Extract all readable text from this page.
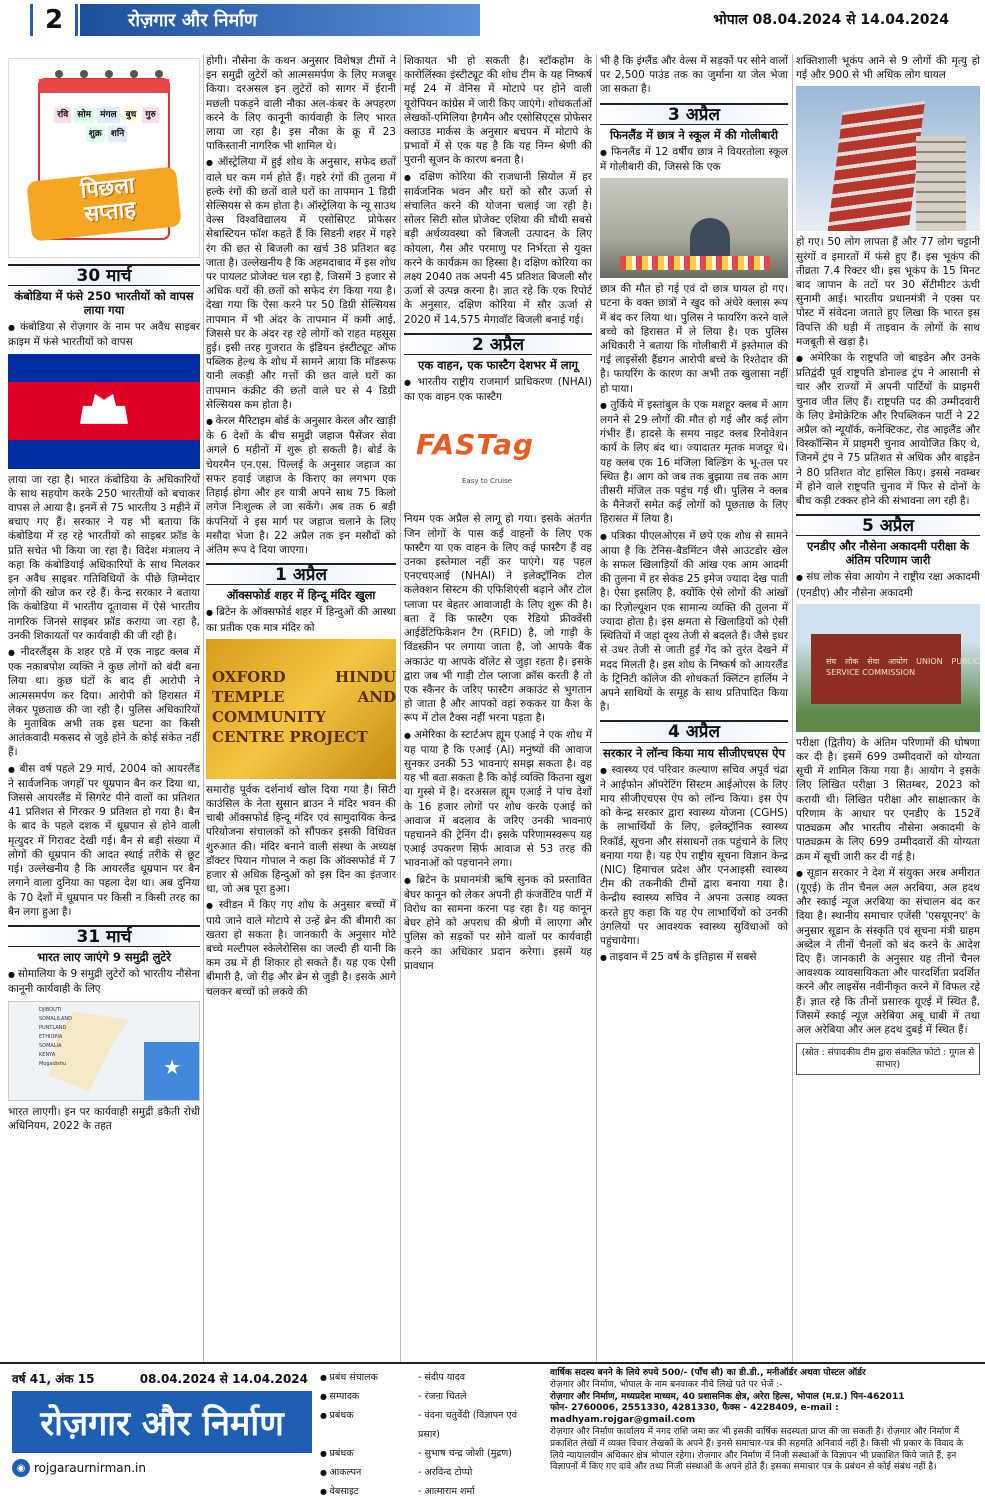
2	रोज़गार और निर्माण	भोपाल 08.04.2024 से 14.04.2024
रवि	सोम	मंगल	बुध	गुरु
शुक्र	शनि
पिछला
सप्ताह
30 मार्च
कंबोडिया में फंसे 250 भारतीयों को वापस लाया गया

● कंबोडिया से रोज़गार के नाम पर अवैध साइबर क्राइम में फंसे भारतीयों को वापस

लाया जा रहा है। भारत कंबोडिया के अधिकारियों के साथ सहयोग करके 250 भारतीयों को बचाकर वापस ले आया है। इनमें से 75 भारतीय 3 महीने में बचाए गए हैं। सरकार ने यह भी बताया कि कंबोडिया में रह रहे भारतीयों को साइबर फ्रॉड के प्रति सचेत भी किया जा रहा है। विदेश मंत्रालय ने कहा कि कंबोडियाई अधिकारियों के साथ मिलकर इन अवैध साइबर गतिविधियों के पीछे ज़िम्मेदार लोगों की खोज कर रहे हैं। केन्द्र सरकार ने बताया कि कंबोडिया में भारतीय दूतावास में ऐसे भारतीय नागरिक जिनसे साइबर फ्रॉड कराया जा रहा है, उनकी शिकायतों पर कार्यवाही की जी रही है।

● नीदरलैंड्स के शहर एडे में एक नाइट क्लब में एक नकाबपोश व्यक्ति ने कुछ लोगों को बंदी बना लिया था। कुछ घंटों के बाद ही आरोपी ने आत्मसमर्पण कर दिया। आरोपी को हिरासत में लेकर पूछताछ की जा रही है। पुलिस अधिकारियों के मुताबिक अभी तक इस घटना का किसी आतंकवादी मकसद से जुड़े होने के कोई संकेत नहीं हैं।

● बीस वर्ष पहले 29 मार्च, 2004 को आयरलैंड ने सार्वजनिक जगहों पर धूम्रपान बैन कर दिया था, जिससे आयरलैंड में सिगरेट पीने वालों का प्रतिशत 41 प्रतिशत से गिरकर 9 प्रतिशत हो गया है। बैन के बाद के पहले दशक में धूम्रपान से होने वाली मृत्युदर में गिरावट देखी गई। बैन से बड़ी संख्या में लोगों की धूम्रपान की आदत स्थाई तरीके से छूट गई। उल्लेखनीय है कि आयरलैंड धूम्रपान पर बैन लगाने वाला दुनिया का पहला देश था। अब दुनिया के 70 देशों में धूम्रपान पर किसी न किसी तरह का बैन लगा हुआ है।

31 मार्च
भारत लाए जाएंगे 9 समुद्री लुटेरे

● सोमालिया के 9 समुद्री लुटेरों को भारतीय नौसेना कानूनी कार्यवाही के लिए

DJIBOUTI
SOMALILAND
PUNTLAND
ETHIOPIA
SOMALIA
KENYA
Mogadishu	★

भारत लाएगी। इन पर कार्यवाही समुद्री डकैती रोधी अधिनियम, 2022 के तहत

होगी। नौसेना के कथन अनुसार विशेषज्ञ टीमों ने इन समुद्री लुटेरों को आत्मसमर्पण के लिए मजबूर किया। दरअसल इन लुटेरों को सागर में ईरानी मछली पकड़ने वाली नौका अल-कंबर के अपहरण करने के लिए कानूनी कार्यवाही के लिए भारत लाया जा रहा है। इस नौका के क्रू में 23 पाकिस्तानी नागरिक भी शामिल थे।

● ऑस्ट्रेलिया में हुई शोध के अनुसार, सफेद छतों वाले घर कम गर्म होते हैं। गहरे रंगों की तुलना में हल्के रंगों की छतों वाले घरों का तापमान 1 डिग्री सेल्सियस से कम होता है। ऑस्ट्रेलिया के न्यू साउथ वेल्स विश्वविद्यालय में एसोसिएट प्रोफेसर सेबास्टियन फॉश कहते हैं कि सिडनी शहर में गहरे रंग की छत से बिजली का खर्च 38 प्रतिशत बढ़ जाता है। उल्लेखनीय है कि अहमदाबाद में इस शोध पर पायलट प्रोजेक्ट चल रहा है, जिसमें 3 हजार से अधिक घरों की छतों को सफेद रंग किया गया है। देखा गया कि ऐसा करने पर 50 डिग्री सेल्सियस तापमान में भी अंदर के तापमान में कमी आई, जिससे घर के अंदर रह रहे लोगों को राहत महसूस हुई। इसी तरह गुजरात के इंडियन इंस्टीट्यूट ऑफ पब्लिक हेल्थ के शोध में सामने आया कि मॉडरूफ यानी लकड़ी और गत्तों की छत वाले घरों का तापमान कंक्रीट की छतों वाले घर से 4 डिग्री सेल्सियस कम होता है।

● केरल मैरिटाइम बोर्ड के अनुसार केरल और खाड़ी के 6 देशों के बीच समुद्री जहाज पैसेंजर सेवा अगले 6 महीनों में शुरू हो सकती है। बोर्ड के चेयरमैन एन.एस. पिल्लई के अनुसार जहाज का सफर हवाई जहाज के किराए का लगभग एक तिहाई होगा और हर यात्री अपने साथ 75 किलो लगेज निःशुल्क ले जा सकेंगे। अब तक 6 बड़ी कंपनियों ने इस मार्ग पर जहाज चलाने के लिए मसौदा भेजा है। 22 अप्रैल तक इन मसौदों को अंतिम रूप दे दिया जाएगा।

1 अप्रैल
ऑक्सफोर्ड शहर में हिन्दू मंदिर खुला

● ब्रिटेन के ऑक्सफोर्ड शहर में हिन्दुओं की आस्था का प्रतीक एक मात्र मंदिर को

OXFORD HINDU TEMPLE AND COMMUNITY CENTRE PROJECT

समारोह पूर्वक दर्शनार्थ खोल दिया गया है। सिटी काउंसिल के नेता सुसान ब्राउन ने मंदिर भवन की चाबी ऑक्सफोर्ड हिन्दू मंदिर एवं सामुदायिक केन्द्र परियोजना संचालकों को सौंपकर इसकी विधिवत शुरुआत की। मंदिर बनाने वाली संस्था के अध्यक्ष डॉक्टर पियान गोपाल ने कहा कि ऑक्सफोर्ड में 7 हजार से अधिक हिन्दुओं को इस दिन का इंतजार था, जो अब पूरा हुआ।

● स्वीडन में किए गए शोध के अनुसार बच्चों में पाये जाने वाले मोटापे से उन्हें ब्रेन की बीमारी का खतरा हो सकता है। जानकारी के अनुसार मोटे बच्चे मल्टीपल स्केलेरोसिस का जल्दी ही यानी कि कम उम्र में ही शिकार हो सकते हैं। यह एक ऐसी बीमारी है, जो रीढ़ और ब्रेन से जुड़ी है। इसके आगे चलकर बच्चों को लकवे की

शिकायत भी हो सकती है। स्टॉकहोम के कारोलिंस्का इंस्टीट्यूट की शोध टीम के यह निष्कर्ष मई 24 में वेनिस में मोटापे पर होने वाली यूरोपियन कांग्रेस में जारी किए जाएंगे। शोधकर्ताओं लेखकों-एमिलिया हैगमैन और एसोसिएट्स प्रोफेसर क्लाउड मार्कस के अनुसार बचपन में मोटापे के प्रभावों में से एक यह है कि यह निम्न श्रेणी की पुरानी सूजन के कारण बनता है।

● दक्षिण कोरिया की राजधानी सियोल में हर सार्वजनिक भवन और घरों को सौर ऊर्जा से संचालित करने की योजना चलाई जा रही है। सोलर सिटी सोल प्रोजेक्ट एशिया की चौथी सबसे बड़ी अर्थव्यवस्था को बिजली उत्पादन के लिए कोयला, गैस और परमाणु पर निर्भरता से युक्त करने के कार्यक्रम का हिस्सा है। दक्षिण कोरिया का लक्ष्य 2040 तक अपनी 45 प्रतिशत बिजली सौर ऊर्जा से उत्पन्न करना है। ज्ञात रहे कि एक रिपोर्ट के अनुसार, दक्षिण कोरिया में सौर ऊर्जा से 2020 में 14,575 मेगावॉट बिजली बनाई गई।

2 अप्रैल
एक वाहन, एक फास्टैग देशभर में लागू

● भारतीय राष्ट्रीय राजमार्ग प्राधिकरण (NHAI) का एक वाहन एक फास्टैग

FASTag
Easy to Cruise

नियम एक अप्रैल से लागू हो गया। इसके अंतर्गत जिन लोगों के पास कई वाहनों के लिए एक फास्टैग या एक वाहन के लिए कई फास्टैग हैं वह उनका इस्तेमाल नहीं कर पाएंगे। यह पहल एनएचएआई (NHAI) ने इलेक्ट्रॉनिक टोल कलेक्शन सिस्टम की एफिशिएंसी बढ़ाने और टोल प्लाजा पर बेहतर आवाजाही के लिए शुरू की है। बता दें कि फास्टैग एक रेडियो फ्रीक्वेंसी आईडेंटिफिकेशन टैग (RFID) है, जो गाड़ी के विंडस्क्रीन पर लगाया जाता है, जो आपके बैंक अकाउंट या आपके वॉलेट से जुड़ा रहता है। इसके द्वारा जब भी गाड़ी टोल प्लाजा क्रॉस करती है तो एक स्कैनर के जरिए फास्टैग अकाउंट से भुगतान हो जाता है और आपको वहां रुककर या कैश के रूप में टोल टैक्स नहीं भरना पड़ता है।

● अमेरिका के स्टार्टअप ह्यूम एआई ने एक शोध में यह पाया है कि एआई (AI) मनुष्यों की आवाज सुनकर उनकी 53 भावनाएं समझ सकता है। वह यह भी बता सकता है कि कोई व्यक्ति कितना खुश या गुस्से में है। दरअसल ह्यूम एआई ने पांच देशों के 16 हजार लोगों पर शोध करके एआई को आवाज में बदलाव के जरिए उनकी भावनाएं पहचानने की ट्रेनिंग दी। इसके परिणामस्वरूप यह एआई उपकरण सिर्फ आवाज से 53 तरह की भावनाओं को पहचानने लगा।

● ब्रिटेन के प्रधानमंत्री ऋषि सुनक को प्रस्तावित बेघर कानून को लेकर अपनी ही कंजर्वेटिव पार्टी में विरोध का सामना करना पड़ रहा है। यह कानून बेघर होने को अपराध की श्रेणी में लाएगा और पुलिस को सड़कों पर सोने वालों पर कार्यवाही करने का अधिकार प्रदान करेगा। इसमें यह प्रावधान

भी है कि इंग्लैंड और वेल्स में सड़कों पर सोने वालों पर 2,500 पाउंड तक का जुर्माना या जेल भेजा जा सकता है।

3 अप्रैल
फिनलैंड में छात्र ने स्कूल में की गोलीबारी

● फिनलैंड में 12 वर्षीय छात्र ने वियरतोला स्कूल में गोलीबारी की, जिससे कि एक

छात्र की मौत हो गई एवं दो छात्र घायल हो गए। घटना के वक्त छात्रों ने खुद को अंधेरे क्लास रूप में बंद कर लिया था। पुलिस ने फायरिंग करने वाले बच्चे को हिरासत में ले लिया है। एक पुलिस अधिकारी ने बताया कि गोलीबारी में इस्तेमाल की गई लाइसेंसी हैंडगन आरोपी बच्चे के रिश्तेदार की है। फायरिंग के कारण का अभी तक खुलासा नहीं हो पाया।

● तुर्किये में इस्तांबुल के एक मशहूर क्लब में आग लगने से 29 लोगों की मौत हो गई और कई लोग गंभीर हैं। हादसे के समय नाइट क्लब रिनोवेशन कार्य के लिए बंद था। ज्यादातर मृतक मजदूर थे। यह क्लब एक 16 मंजिला बिल्डिंग के भू-तल पर स्थित है। आग को जब तक बुझाया तब तक आग तीसरी मंजिल तक पहुंच गई थी। पुलिस ने क्लब के मैनेजरों समेत कई लोगों को पूछताछ के लिए हिरासत में लिया है।

● पत्रिका पीएलओएस में छपे एक शोध से सामने आया है कि टेनिस-बैडमिंटन जैसे आउटडोर खेल के सफल खिलाड़ियों की आंख एक आम आदमी की तुलना में हर सेकंड 25 इमेज ज्यादा देख पाती है। ऐसा इसलिए है, क्योंकि ऐसे लोगों की आंखों का रिज़ोल्यूशन एक सामान्य व्यक्ति की तुलना में ज्यादा होता है। इस क्षमता से खिलाड़ियों को ऐसी स्थितियों में जहां दृश्य तेजी से बदलते हैं। जैसे इधर से उधर तेजी से जाती हुई गेंद को तुरंत देखने में मदद मिलती है। इस शोध के निष्कर्ष को आयरलैंड के ट्रिनिटी कॉलेज की शोधकर्ता क्लिंटन हार्लिम ने अपने साथियों के समूह के साथ प्रतिपादित किया है।

4 अप्रैल
सरकार ने लॉन्च किया माय सीजीएचएस ऐप

● स्वास्थ्य एवं परिवार कल्याण सचिव अपूर्व चंद्रा ने आईफोन ऑपरेटिंग सिस्टम आईओएस के लिए माय सीजीएचएस ऐप को लॉन्च किया। इस ऐप को केन्द्र सरकार द्वारा स्वास्थ्य योजना (CGHS) के लाभार्थियों के लिए, इलेक्ट्रॉनिक स्वास्थ्य रिकॉर्ड, सूचना और संसाधनों तक पहुंचाने के लिए बनाया गया है। यह ऐप राष्ट्रीय सूचना विज्ञान केन्द्र (NIC) हिमाचल प्रदेश और एनआइसी स्वास्थ्य टीम की तकनीकी टीमों द्वारा बनाया गया है। केन्द्रीय स्वास्थ्य सचिव ने अपना उत्साह व्यक्त करते हुए कहा कि यह ऐप लाभार्थियों को उनकी उंगलियों पर आवश्यक स्वास्थ्य सुविधाओं को पहुंचायेगा।

● ताइवान में 25 वर्ष के इतिहास में सबसे

शक्तिशाली भूकंप आने से 9 लोगों की मृत्यु हो गई और 900 से भी अधिक लोग घायल

हो गए। 50 लोग लापता हैं और 77 लोग चट्टानी सुरंगों व इमारतों में फंसे हुए हैं। इस भूकंप की तीव्रता 7.4 रिक्टर थी। इस भूकंप के 15 मिनट बाद जापान के तटों पर 30 सेंटीमीटर ऊंची सुनामी आई। भारतीय प्रधानमंत्री ने एक्स पर पोस्ट में संवेदना जताते हुए लिखा कि भारत इस विपत्ति की घड़ी में ताइवान के लोगों के साथ मजबूती से खड़ा है।

● अमेरिका के राष्ट्रपति जो बाइडेन और उनके प्रतिद्वंदी पूर्व राष्ट्रपति डोनाल्ड ट्रंप ने आसानी से चार और राज्यों में अपनी पार्टियों के प्राइमरी चुनाव जीत लिए हैं। राष्ट्रपति पद की उम्मीदवारी के लिए डेमोक्रेटिक और रिपब्लिकन पार्टी ने 22 अप्रैल को न्यूयॉर्क, कनेक्टिकट, रोड आइलैंड और विस्कॉन्सिन में प्राइमरी चुनाव आयोजित किए थे, जिनमें ट्रंप ने 75 प्रतिशत से अधिक और बाइडेन ने 80 प्रतिशत वोट हासिल किए। इससे नवम्बर में होने वाले राष्ट्रपति चुनाव में फिर से दोनों के बीच कड़ी टक्कर होने की संभावना लग रही है।

5 अप्रैल
एनडीए और नौसेना अकादमी परीक्षा के अंतिम परिणाम जारी

● संघ लोक सेवा आयोग ने राष्ट्रीय रक्षा अकादमी (एनडीए) और नौसेना अकादमी

संघ लोक सेवा आयोग UNION PUBLIC SERVICE COMMISSION

परीक्षा (द्वितीय) के अंतिम परिणामों की घोषणा कर दी है। इसमें 699 उम्मीदवारों को योग्यता सूची में शामिल किया गया है। आयोग ने इसके लिए लिखित परीक्षा 3 सितम्बर, 2023 को करायी थी। लिखित परीक्षा और साक्षात्कार के परिणाम के आधार पर एनडीए के 152वें पाठ्यक्रम और भारतीय नौसेना अकादमी के पाठ्यक्रम के लिए 699 उम्मीदवारों की योग्यता क्रम में सूची जारी कर दी गई है।

● सूडान सरकार ने देश में संयुक्त अरब अमीरात (यूएई) के तीन चैनल अल अरबिया, अल हदथ और स्काई न्यूज अरबिया का संचालन बंद कर दिया है। स्थानीय समाचार एजेंसी 'एसयूएनए' के अनुसार सूडान के संस्कृति एवं सूचना मंत्री ग्राहम अब्देल ने तीनों चैनलों को बंद करने के आदेश दिए हैं। जानकारी के अनुसार यह तीनों चैनल आवश्यक व्यावसायिकता और पारदर्शिता प्रदर्शित करने और लाइसेंस नवीनीकृत करने में विफल रहे हैं। ज्ञात रहे कि तीनों प्रसारक यूएई में स्थित हैं, जिसमें स्काई न्यूज़ अरेबिया अबू धाबी में तथा अल अरेबिया और अल हदथ दुबई में स्थित हैं।

(स्रोत : संपादकीय टीम द्वारा संकलित फोटो : गूगल से साभार)
वर्ष 41, अंक 15	08.04.2024 से 14.04.2024
रोज़गार और निर्माण
◉ rojgaraurnirman.in
● प्रबंध संचालक	- संदीप यादव
● सम्पादक	- रंजना चितले
● प्रबंधक	- वंदना चतुर्वेदी (विज्ञापन एवं प्रसार)
● प्रबंधक	- सुभाष चन्द्र जोशी (मुद्रण)
● आकल्पन	- अरविन्द टोप्पो
● वेबसाइट	- आत्माराम शर्मा
वार्षिक सदस्य बनने के लिये रुपये 500/- (पाँच सौ) का डी.डी., मनीऑर्डर अथवा पोस्टल ऑर्डर
रोज़गार और निर्माण, भोपाल के नाम बनवाकर नीचे लिखे पते पर भेजें :-
रोज़गार और निर्माण, मध्यप्रदेश माध्यम, 40 प्रशासनिक क्षेत्र, अरेरा हिल्स, भोपाल (म.प्र.) पिन-462011
फोन- 2760006, 2551330, 4281330, फैक्स - 4228409, e-mail : madhyam.rojgar@gmail.com
रोज़गार और निर्माण कार्यालय में नगद राशि जमा कर भी इसकी वार्षिक सदस्यता प्राप्त की जा सकती है। रोज़गार और निर्माण में प्रकाशित लेखों में व्यक्त विचार लेखकों के अपने हैं। इनसे समाचार-पत्र की सहमति अनिवार्य नहीं है। किसी भी प्रकार के विवाद के लिये न्यायालयीन अधिकार क्षेत्र भोपाल रहेगा। रोज़गार और निर्माण में निजी संस्थाओं के विज्ञापन भी प्रकाशित किये जाते हैं, इन विज्ञापनों में किए गए दावे और तथ्य निजी संस्थाओं के अपने होते हैं। इसका समाचार पत्र के प्रबंधन से कोई संबंध नहीं है।
